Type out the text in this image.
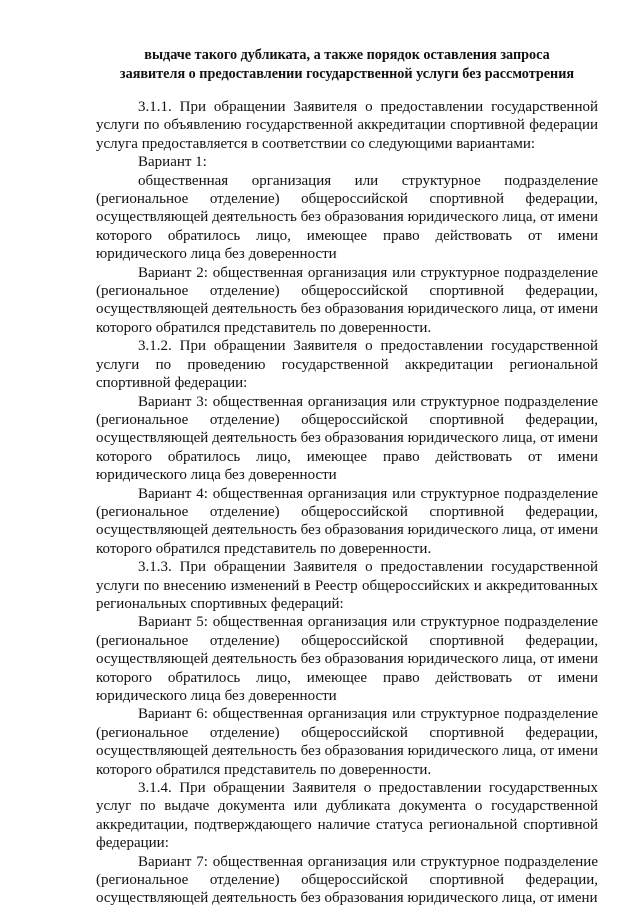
выдаче такого дубликата, а также порядок оставления запроса
заявителя о предоставлении государственной услуги без рассмотрения

3.1.1. При обращении Заявителя о предоставлении государственной услуги по объявлению государственной аккредитации спортивной федерации услуга предоставляется в соответствии со следующими вариантами:

Вариант 1:

общественная организация или структурное подразделение (региональное отделение) общероссийской спортивной федерации, осуществляющей деятельность без образования юридического лица, от имени которого обратилось лицо, имеющее право действовать от имени юридического лица без доверенности

Вариант 2: общественная организация или структурное подразделение (региональное отделение) общероссийской спортивной федерации, осуществляющей деятельность без образования юридического лица, от имени которого обратился представитель по доверенности.

3.1.2. При обращении Заявителя о предоставлении государственной услуги по проведению государственной аккредитации региональной спортивной федерации:

Вариант 3: общественная организация или структурное подразделение (региональное отделение) общероссийской спортивной федерации, осуществляющей деятельность без образования юридического лица, от имени которого обратилось лицо, имеющее право действовать от имени юридического лица без доверенности

Вариант 4: общественная организация или структурное подразделение (региональное отделение) общероссийской спортивной федерации, осуществляющей деятельность без образования юридического лица, от имени которого обратился представитель по доверенности.

3.1.3. При обращении Заявителя о предоставлении государственной услуги по внесению изменений в Реестр общероссийских и аккредитованных региональных спортивных федераций:

Вариант 5: общественная организация или структурное подразделение (региональное отделение) общероссийской спортивной федерации, осуществляющей деятельность без образования юридического лица, от имени которого обратилось лицо, имеющее право действовать от имени юридического лица без доверенности

Вариант 6: общественная организация или структурное подразделение (региональное отделение) общероссийской спортивной федерации, осуществляющей деятельность без образования юридического лица, от имени которого обратился представитель по доверенности.

3.1.4. При обращении Заявителя о предоставлении государственных услуг по выдаче документа или дубликата документа о государственной аккредитации, подтверждающего наличие статуса региональной спортивной федерации:

Вариант 7: общественная организация или структурное подразделение (региональное отделение) общероссийской спортивной федерации, осуществляющей деятельность без образования юридического лица, от имени
